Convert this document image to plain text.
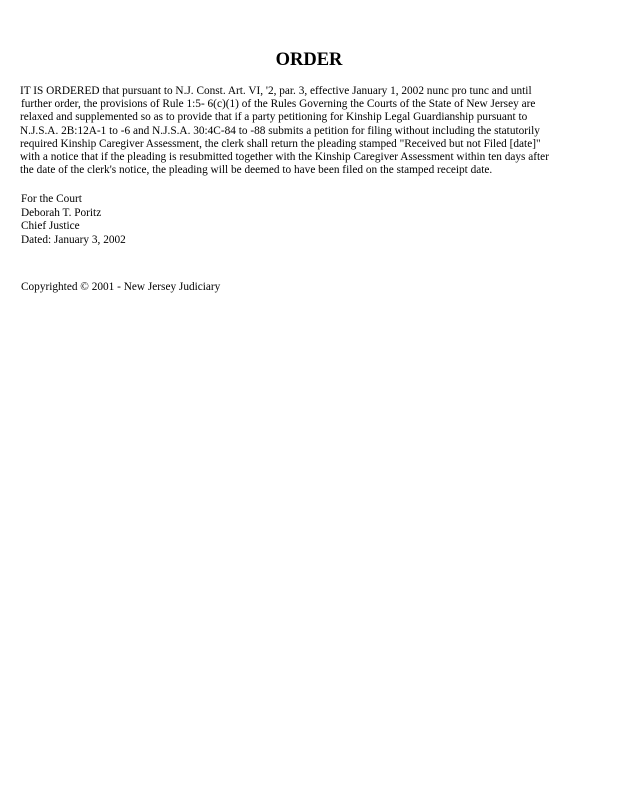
ORDER
IT IS ORDERED that pursuant to N.J. Const. Art. VI, '2, par. 3, effective January 1, 2002 nunc pro tunc and until
further order, the provisions of Rule 1:5- 6(c)(1) of the Rules Governing the Courts of the State of New Jersey are
relaxed and supplemented so as to provide that if a party petitioning for Kinship Legal Guardianship pursuant to
N.J.S.A. 2B:12A-1 to -6 and N.J.S.A. 30:4C-84 to -88 submits a petition for filing without including the statutorily
required Kinship Caregiver Assessment, the clerk shall return the pleading stamped "Received but not Filed [date]"
with a notice that if the pleading is resubmitted together with the Kinship Caregiver Assessment within ten days after
the date of the clerk's notice, the pleading will be deemed to have been filed on the stamped receipt date.
For the Court
Deborah T. Poritz
Chief Justice
Dated: January 3, 2002
Copyrighted © 2001 - New Jersey Judiciary
